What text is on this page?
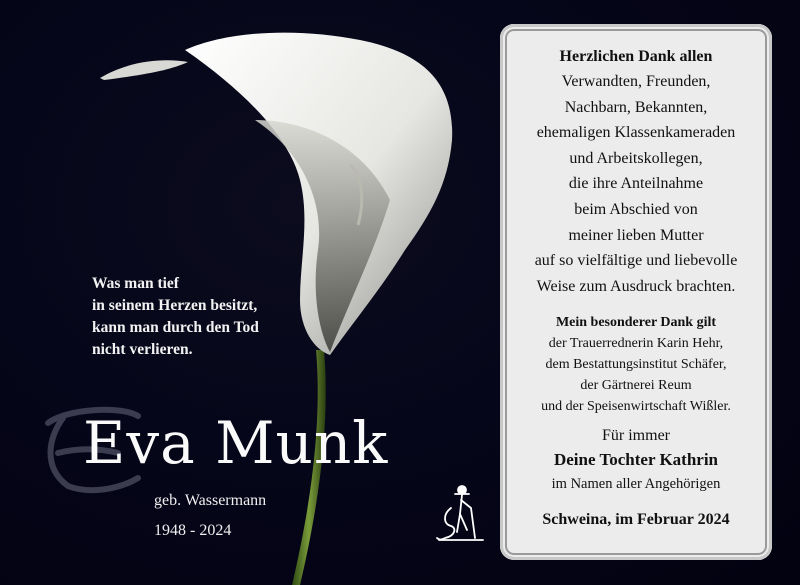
Was man tief
in seinem Herzen besitzt,
kann man durch den Tod
nicht verlieren.
Eva Munk
geb. Wassermann
1948 - 2024
Herzlichen Dank allen
Verwandten, Freunden,
Nachbarn, Bekannten,
ehemaligen Klassenkameraden
und Arbeitskollegen,
die ihre Anteilnahme
beim Abschied von
meiner lieben Mutter
auf so vielfältige und liebevolle
Weise zum Ausdruck brachten.
Mein besonderer Dank gilt
der Trauerrednerin Karin Hehr,
dem Bestattungsinstitut Schäfer,
der Gärtnerei Reum
und der Speisenwirtschaft Wißler.
Für immer
Deine Tochter Kathrin
im Namen aller Angehörigen
Schweina, im Februar 2024
